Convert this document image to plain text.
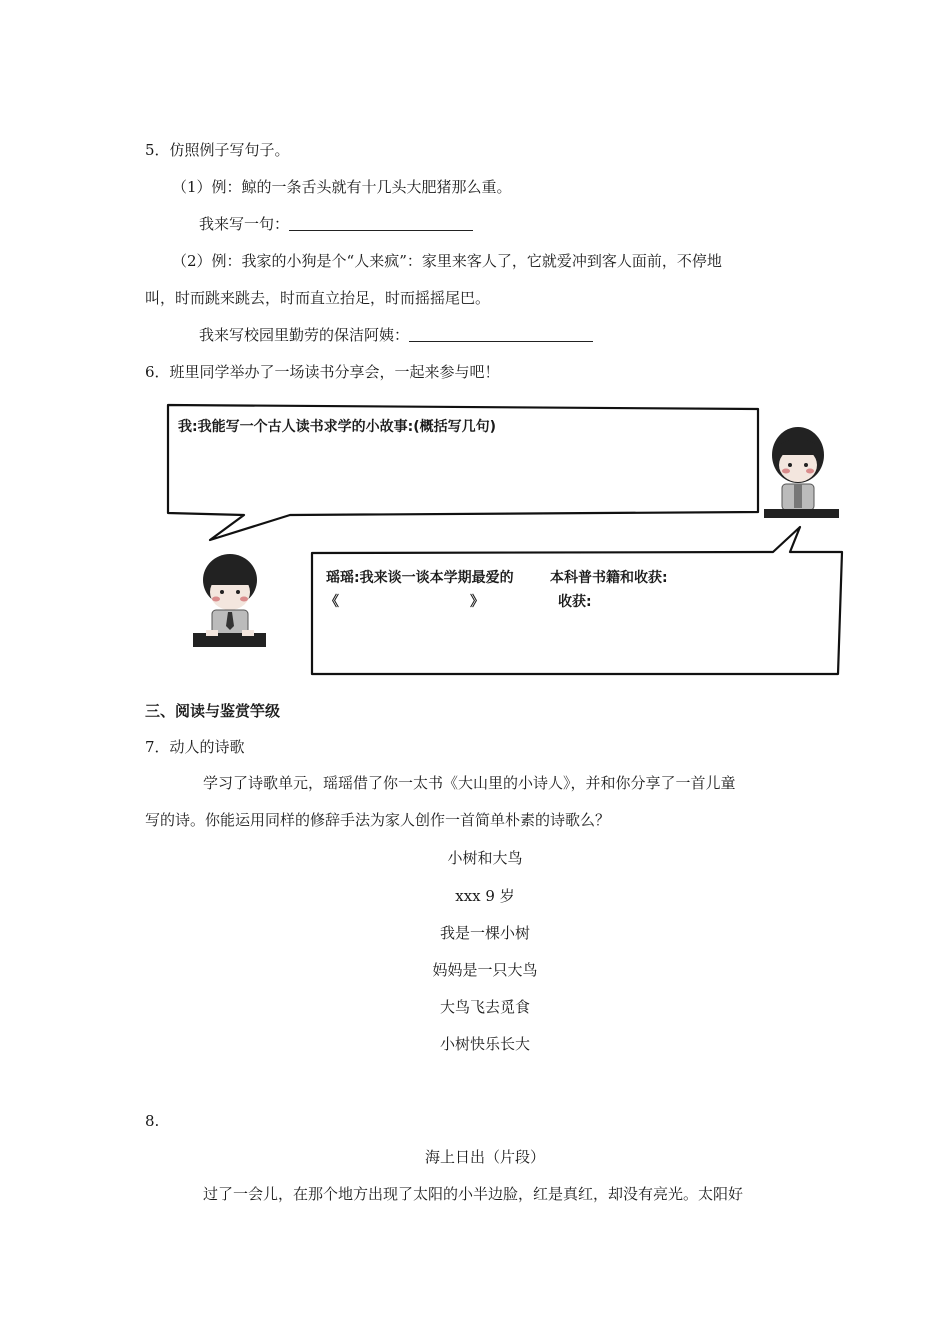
5．仿照例子写句子。
（1）例：鲸的一条舌头就有十几头大肥猪那么重。
我来写一句：
（2）例：我家的小狗是个“人来疯”：家里来客人了，它就爱冲到客人面前，不停地
叫，时而跳来跳去，时而直立抬足，时而摇摇尾巴。
我来写校园里勤劳的保洁阿姨：
6．班里同学举办了一场读书分享会，一起来参与吧！
我:我能写一个古人读书求学的小故事:(概括写几句)
瑶瑶:我来谈一谈本学期最爱的	本科普书籍和收获:
《	》	收获:
三、阅读与鉴赏竽级
7．动人的诗歌
学习了诗歌单元，瑶瑶借了你一太书《大山里的小诗人》，并和你分享了一首儿童
写的诗。你能运用同样的修辞手法为家人创作一首简单朴素的诗歌么？
小树和大鸟
xxx 9 岁
我是一棵小树
妈妈是一只大鸟
大鸟飞去觅食
小树快乐长大
8.
海上日出（片段）
过了一会儿，在那个地方出现了太阳的小半边脸，红是真红，却没有亮光。太阳好
